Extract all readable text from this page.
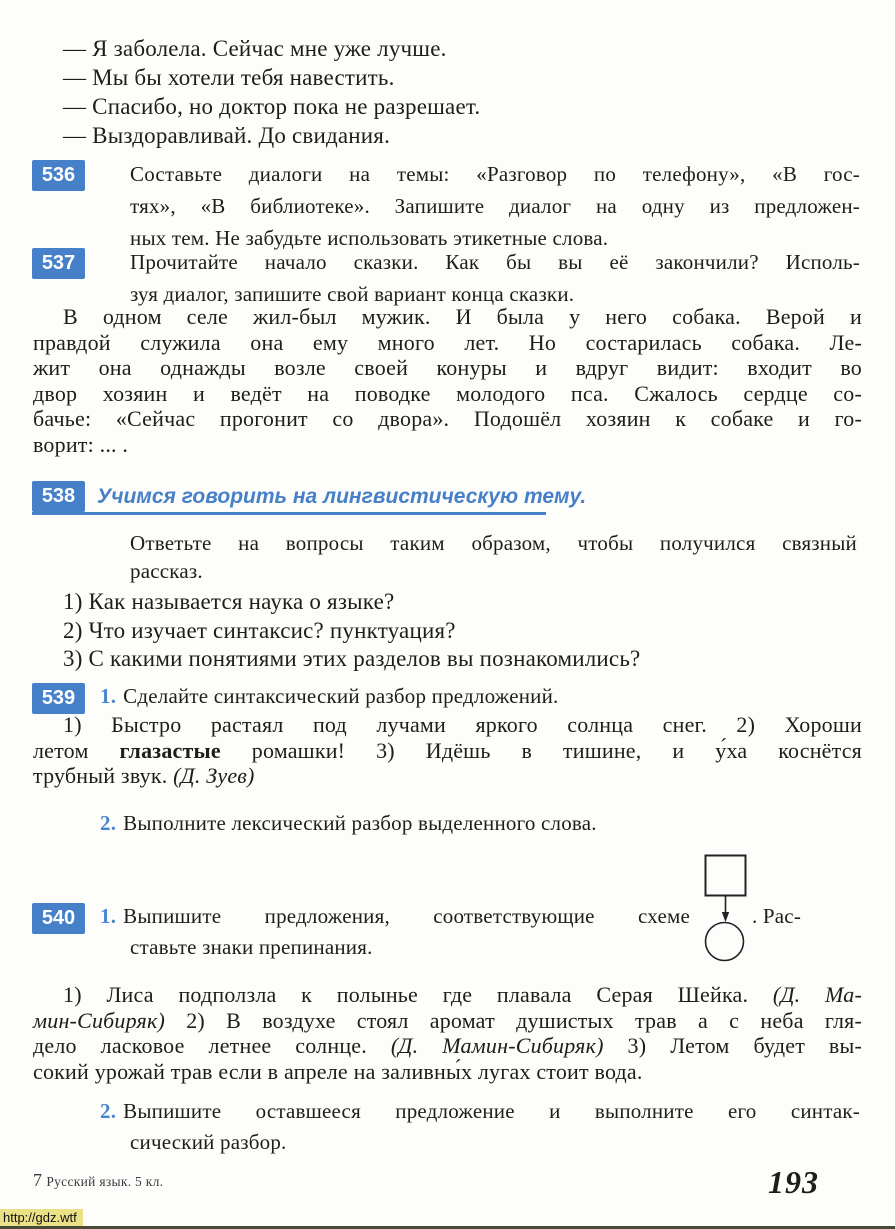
— Я заболела. Сейчас мне уже лучше.
— Мы бы хотели тебя навестить.
— Спасибо, но доктор пока не разрешает.
— Выздоравливай. До свидания.
536	Составьте диалоги на темы: «Разговор по телефону», «В гос-
тях», «В библиотеке». Запишите диалог на одну из предложен-
ных тем. Не забудьте использовать этикетные слова.
537	Прочитайте начало сказки. Как бы вы её закончили? Исполь-
зуя диалог, запишите свой вариант конца сказки.
В одном селе жил-был мужик. И была у него собака. Верой и
правдой служила она ему много лет. Но состарилась собака. Ле-
жит она однажды возле своей конуры и вдруг видит: входит во
двор хозяин и ведёт на поводке молодого пса. Сжалось сердце со-
бачье: «Сейчас прогонит со двора». Подошёл хозяин к собаке и го-
ворит: ... .
538	Учимся говорить на лингвистическую тему.
Ответьте на вопросы таким образом, чтобы получился связный
рассказ.
1) Как называется наука о языке?
2) Что изучает синтаксис? пунктуация?
3) С какими понятиями этих разделов вы познакомились?
539	1. Сделайте синтаксический разбор предложений.
1) Быстро растаял под лучами яркого солнца снег. 2) Хороши
летом глазастые ромашки! 3) Идёшь в тишине, и у́ха коснётся
трубный звук. (Д. Зуев)
2. Выполните лексический разбор выделенного слова.
540	1. Выпишите предложения, соответствующие схеме	. Рас-
ставьте знаки препинания.
1) Лиса подползла к полынье где плавала Серая Шейка. (Д. Ма-
мин-Сибиряк) 2) В воздухе стоял аромат душистых трав а с неба гля-
дело ласковое летнее солнце. (Д. Мамин-Сибиряк) 3) Летом будет вы-
сокий урожай трав если в апреле на заливны́х лугах стоит вода.
2. Выпишите оставшееся предложение и выполните его синтак-
сический разбор.
7 Русский язык. 5 кл.	193
http://gdz.wtf
